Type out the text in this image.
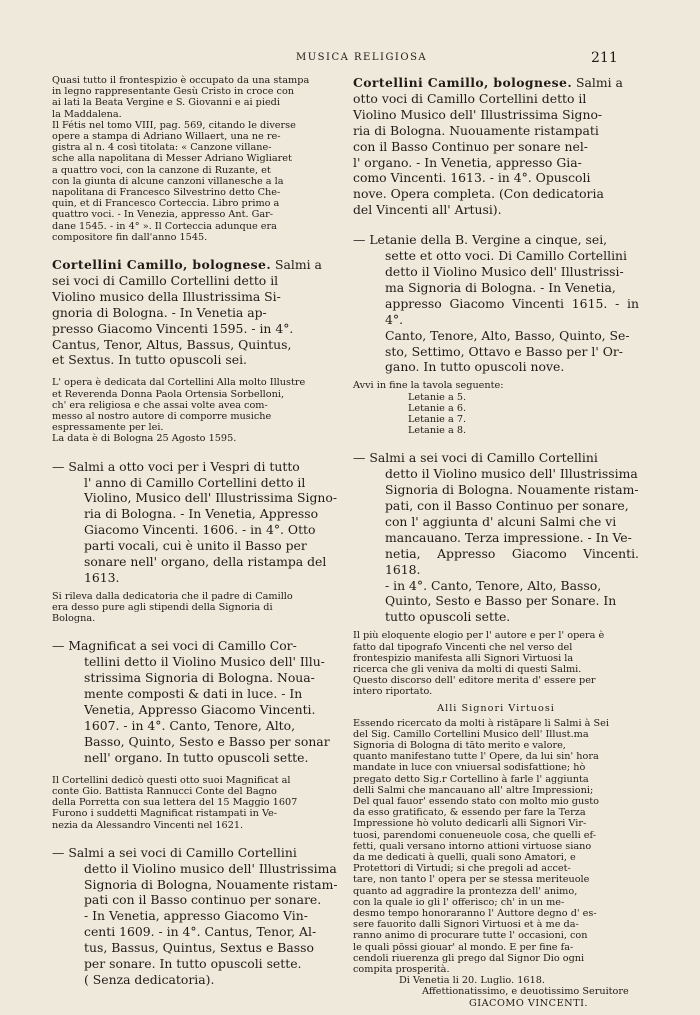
MUSICA RELIGIOSA	211
Quasi tutto il frontespizio è occupato da una stampa
in legno rappresentante Gesù Cristo in croce con
ai lati la Beata Vergine e S. Giovanni e ai piedi
la Maddalena.
Il Fétis nel tomo VIII, pag. 569, citando le diverse
opere a stampa di Adriano Willaert, una ne re-
gistra al n. 4 così titolata: « Canzone villane-
sche alla napolitana di Messer Adriano Wigliaret
a quattro voci, con la canzone di Ruzante, et
con la giunta di alcune canzoni villanesche a la
napolitana di Francesco Silvestrino detto Che-
quin, et di Francesco Corteccia. Libro primo a
quattro voci. - In Venezia, appresso Ant. Gar-
dane 1545. - in 4° ». Il Corteccia adunque era
compositore fin dall'anno 1545.
Cortellini Camillo, bolognese. Salmi a
sei voci di Camillo Cortellini detto il
Violino musico della Illustrissima Si-
gnoria di Bologna. - In Venetia ap-
presso Giacomo Vincenti 1595. - in 4°.
Cantus, Tenor, Altus, Bassus, Quintus,
et Sextus. In tutto opuscoli sei.
L' opera è dedicata dal Cortellini Alla molto Illustre
et Reverenda Donna Paola Ortensia Sorbelloni,
ch' era religiosa e che assai volte avea com-
messo al nostro autore di comporre musiche
espressamente per lei.
La data è di Bologna 25 Agosto 1595.
— Salmi a otto voci per i Vespri di tutto
l' anno di Camillo Cortellini detto il
Violino, Musico dell' Illustrissima Signo-
ria di Bologna. - In Venetia, Appresso
Giacomo Vincenti. 1606. - in 4°. Otto
parti vocali, cui è unito il Basso per
sonare nell' organo, della ristampa del
1613.
Si rileva dalla dedicatoria che il padre di Camillo
era desso pure agli stipendi della Signoria di
Bologna.
— Magnificat a sei voci di Camillo Cor-
tellini detto il Violino Musico dell' Illu-
strissima Signoria di Bologna. Noua-
mente composti & dati in luce. - In
Venetia, Appresso Giacomo Vincenti.
1607. - in 4°. Canto, Tenore, Alto,
Basso, Quinto, Sesto e Basso per sonar
nell' organo. In tutto opuscoli sette.
Il Cortellini dedicò questi otto suoi Magnificat al
conte Gio. Battista Rannucci Conte del Bagno
della Porretta con sua lettera del 15 Maggio 1607
Furono i suddetti Magnificat ristampati in Ve-
nezia da Alessandro Vincenti nel 1621.
— Salmi a sei voci di Camillo Cortellini
detto il Violino musico dell' Illustrissima
Signoria di Bologna, Nouamente ristam-
pati con il Basso continuo per sonare.
- In Venetia, appresso Giacomo Vin-
centi 1609. - in 4°. Cantus, Tenor, Al-
tus, Bassus, Quintus, Sextus e Basso
per sonare. In tutto opuscoli sette.
( Senza dedicatoria).
Cortellini Camillo, bolognese. Salmi a
otto voci di Camillo Cortellini detto il
Violino Musico dell' Illustrissima Signo-
ria di Bologna. Nuouamente ristampati
con il Basso Continuo per sonare nel-
l' organo. - In Venetia, appresso Gia-
como Vincenti. 1613. - in 4°. Opuscoli
nove. Opera completa. (Con dedicatoria
del Vincenti all' Artusi).
— Letanie della B. Vergine a cinque, sei,
sette et otto voci. Di Camillo Cortellini
detto il Violino Musico dell' Illustrissi-
ma Signoria di Bologna. - In Venetia,
appresso Giacomo Vincenti 1615. - in 4°.
Canto, Tenore, Alto, Basso, Quinto, Se-
sto, Settimo, Ottavo e Basso per l' Or-
gano. In tutto opuscoli nove.
Avvi in fine la tavola seguente:
Letanie a 5.
Letanie a 6.
Letanie a 7.
Letanie a 8.
— Salmi a sei voci di Camillo Cortellini
detto il Violino musico dell' Illustrissima
Signoria di Bologna. Nouamente ristam-
pati, con il Basso Continuo per sonare,
con l' aggiunta d' alcuni Salmi che vi
mancauano. Terza impressione. - In Ve-
netia, Appresso Giacomo Vincenti. 1618.
- in 4°. Canto, Tenore, Alto, Basso,
Quinto, Sesto e Basso per Sonare. In
tutto opuscoli sette.
Il più eloquente elogio per l' autore e per l' opera è
fatto dal tipografo Vincenti che nel verso del
frontespizio manifesta alli Signori Virtuosi la
ricerca che gli veniva da molti di questi Salmi.
Questo discorso dell' editore merita d' essere per
intero riportato.
Alli Signori Virtuosi
Essendo ricercato da molti à ristāpare li Salmi à Sei
del Sig. Camillo Cortellini Musico dell' Illust.ma
Signoria di Bologna di tāto merito e valore,
quanto manifestano tutte l' Opere, da lui sin' hora
mandate in luce con vniuersal sodisfattione; hò
pregato detto Sig.r Cortellino à farle l' aggiunta
delli Salmi che mancauano all' altre Impressioni;
Del qual fauor' essendo stato con molto mio gusto
da esso gratificato, & essendo per fare la Terza
Impressione hò voluto dedicarli alli Signori Vir-
tuosi, parendomi conueneuole cosa, che quelli ef-
fetti, quali versano intorno attioni virtuose siano
da me dedicati à quelli, quali sono Amatori, e
Protettori di Virtudi; si che pregoli ad accet-
tare, non tanto l' opera per se stessa meriteuole
quanto ad aggradire la prontezza dell' animo,
con la quale io gli l' offerisco; ch' in un me-
desmo tempo honoraranno l' Auttore degno d' es-
sere fauorito dalli Signori Virtuosi et à me da-
ranno animo di procurare tutte l' occasioni, con
le quali pōssi giouar' al mondo. E per fine fa-
cendoli riuerenza gli prego dal Signor Dio ogni
compita prosperità.
Di Venetia li 20. Luglio. 1618.
Affettionatissimo, e deuotissimo Seruitore
GIACOMO VINCENTI.
